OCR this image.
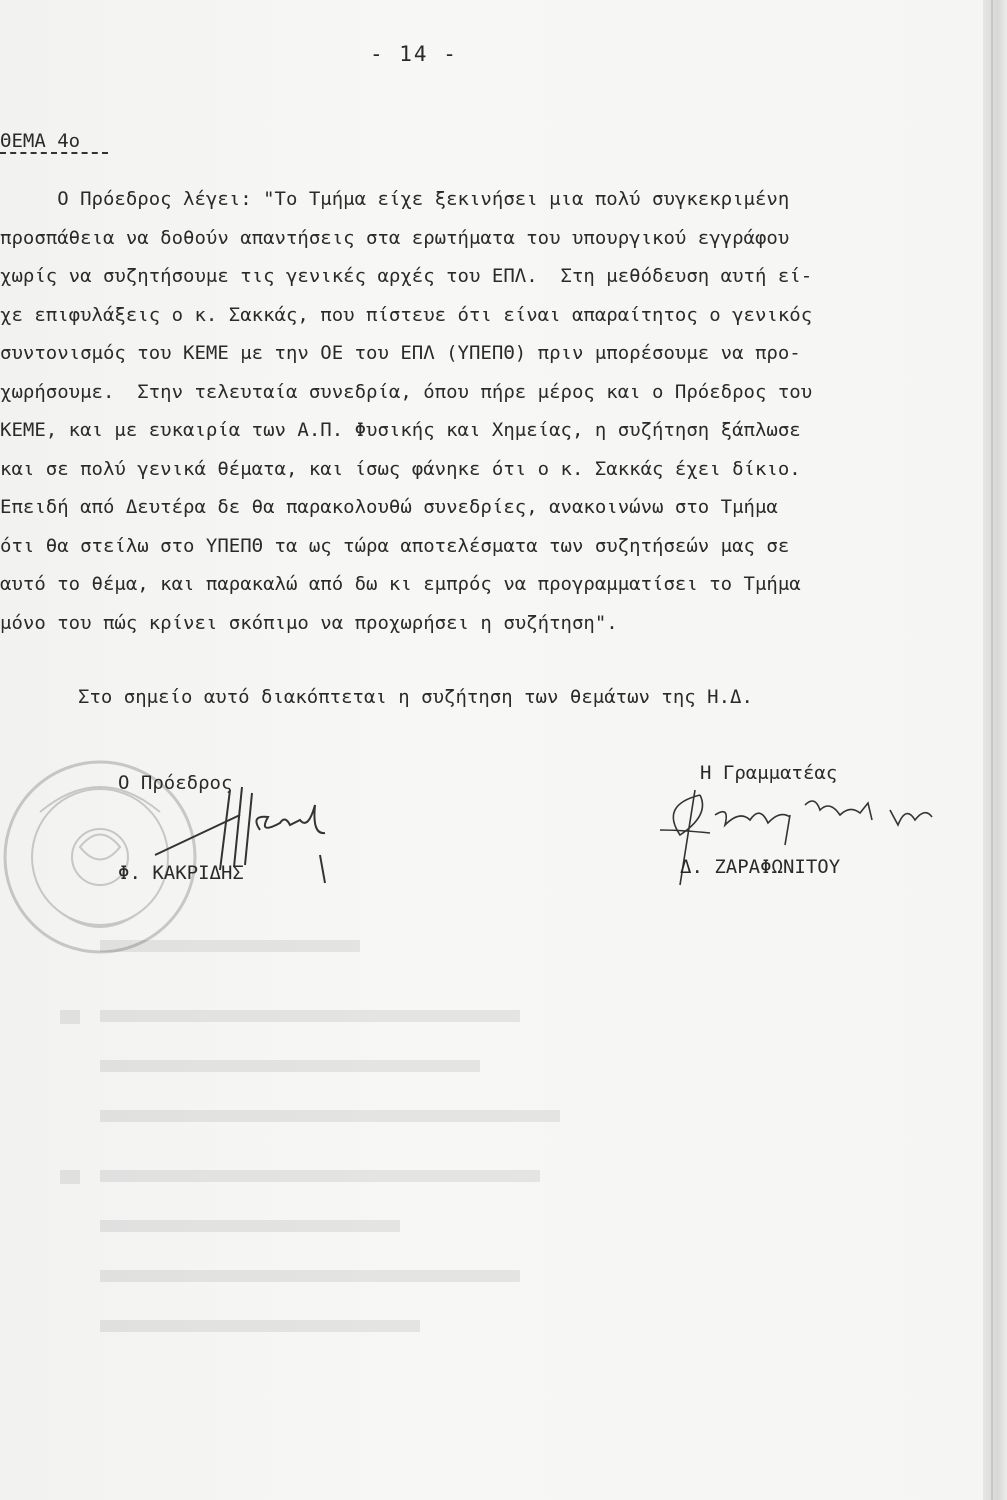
- 14 -
ΘΕΜΑ 4ο
Ο Πρόεδρος λέγει: "Το Τμήμα είχε ξεκινήσει μια πολύ συγκεκριμένη
προσπάθεια να δοθούν απαντήσεις στα ερωτήματα του υπουργικού εγγράφου
χωρίς να συζητήσουμε τις γενικές αρχές του ΕΠΛ.  Στη μεθόδευση αυτή εί-
χε επιφυλάξεις ο κ. Σακκάς, που πίστευε ότι είναι απαραίτητος ο γενικός
συντονισμός του ΚΕΜΕ με την ΟΕ του ΕΠΛ (ΥΠΕΠΘ) πριν μπορέσουμε να προ-
χωρήσουμε.  Στην τελευταία συνεδρία, όπου πήρε μέρος και ο Πρόεδρος του
ΚΕΜΕ, και με ευκαιρία των Α.Π. Φυσικής και Χημείας, η συζήτηση ξάπλωσε
και σε πολύ γενικά θέματα, και ίσως φάνηκε ότι ο κ. Σακκάς έχει δίκιο.
Επειδή από Δευτέρα δε θα παρακολουθώ συνεδρίες, ανακοινώνω στο Τμήμα
ότι θα στείλω στο ΥΠΕΠΘ τα ως τώρα αποτελέσματα των συζητήσεών μας σε
αυτό το θέμα, και παρακαλώ από δω κι εμπρός να προγραμματίσει το Τμήμα
μόνο του πώς κρίνει σκόπιμο να προχωρήσει η συζήτηση".
Στο σημείο αυτό διακόπτεται η συζήτηση των θεμάτων της Η.Δ.
Ο Πρόεδρος
Φ. ΚΑΚΡΙΔΗΣ
Η Γραμματέας
Δ. ΖΑΡΑΦΩΝΙΤΟΥ
